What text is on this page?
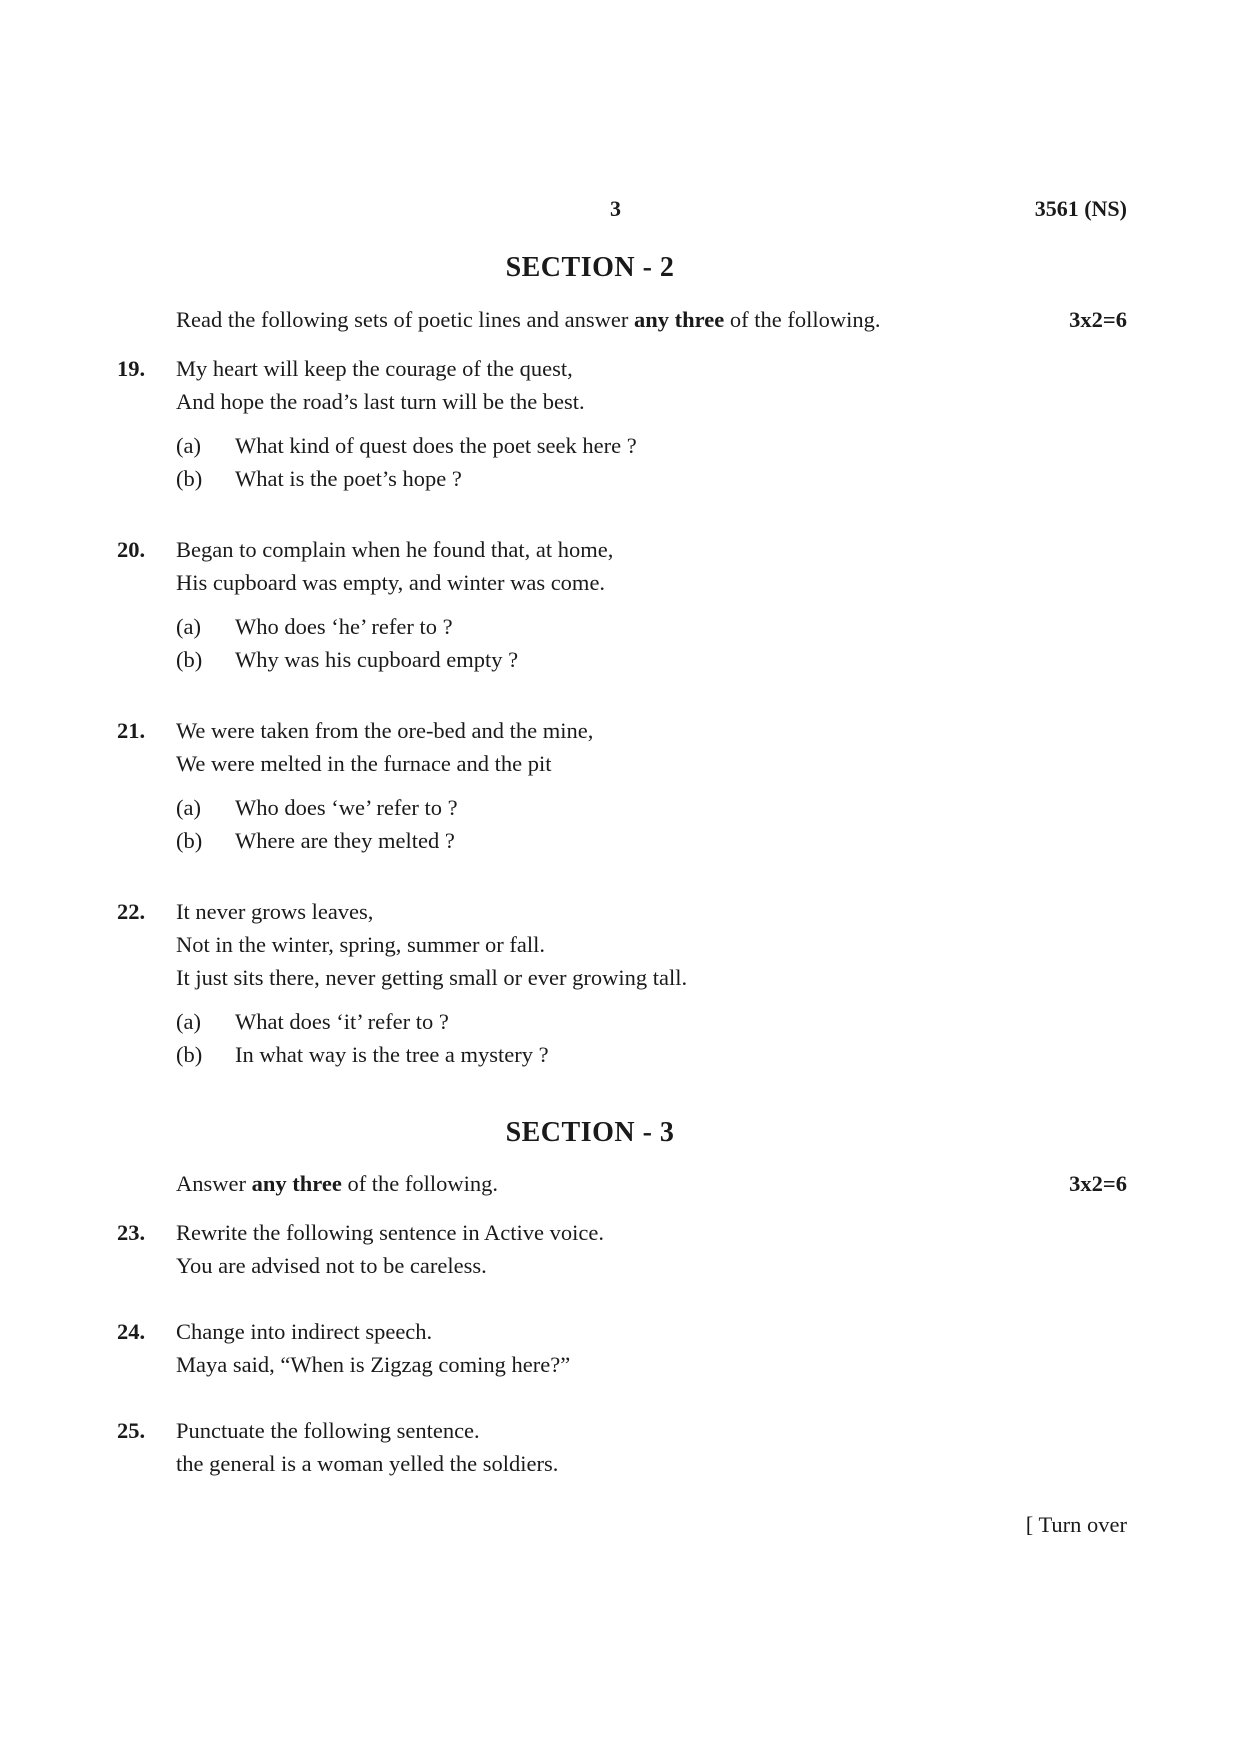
3	3561 (NS)
SECTION - 2
Read the following sets of poetic lines and answer any three of the following.	3x2=6
19. My heart will keep the courage of the quest,
And hope the road’s last turn will be the best.
(a)	What kind of quest does the poet seek here ?
(b)	What is the poet’s hope ?
20. Began to complain when he found that, at home,
His cupboard was empty, and winter was come.
(a)	Who does ‘he’ refer to ?
(b)	Why was his cupboard empty ?
21. We were taken from the ore-bed and the mine,
We were melted in the furnace and the pit
(a)	Who does ‘we’ refer to ?
(b)	Where are they melted ?
22. It never grows leaves,
Not in the winter, spring, summer or fall.
It just sits there, never getting small or ever growing tall.
(a)	What does ‘it’ refer to ?
(b)	In what way is the tree a mystery ?
SECTION - 3
Answer any three of the following.	3x2=6
23. Rewrite the following sentence in Active voice.
You are advised not to be careless.
24. Change into indirect speech.
Maya said, “When is Zigzag coming here?”
25. Punctuate the following sentence.
the general is a woman yelled the soldiers.
[ Turn over
